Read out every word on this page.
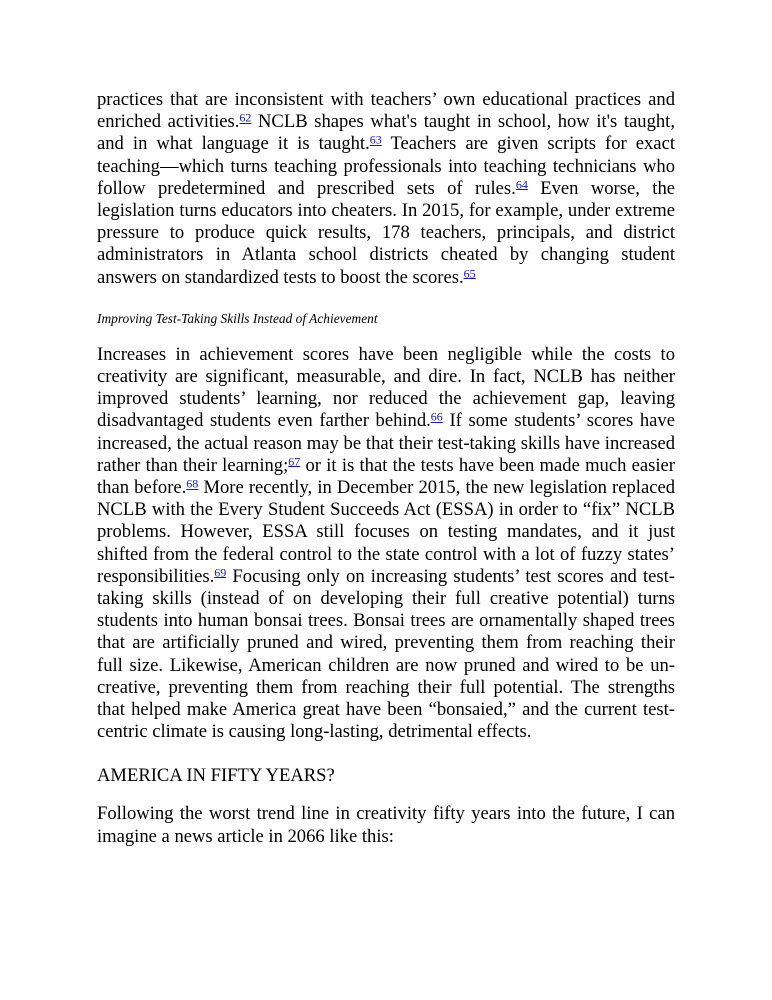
practices that are inconsistent with teachers’ own educational practices and enriched activities.$^{62}$ NCLB shapes what's taught in school, how it's taught, and in what language it is taught.$^{63}$ Teachers are given scripts for exact teaching—which turns teaching professionals into teaching technicians who follow predetermined and prescribed sets of rules.$^{64}$ Even worse, the legislation turns educators into cheaters. In 2015, for example, under extreme pressure to produce quick results, 178 teachers, principals, and district administrators in Atlanta school districts cheated by changing student answers on standardized tests to boost the scores.$^{65}$

Improving Test-Taking Skills Instead of Achievement

Increases in achievement scores have been negligible while the costs to creativity are significant, measurable, and dire. In fact, NCLB has neither improved students’ learning, nor reduced the achievement gap, leaving disadvantaged students even farther behind.$^{66}$ If some students’ scores have increased, the actual reason may be that their test-taking skills have increased rather than their learning;$^{67}$ or it is that the tests have been made much easier than before.$^{68}$ More recently, in December 2015, the new legislation replaced NCLB with the Every Student Succeeds Act (ESSA) in order to “fix” NCLB problems. However, ESSA still focuses on testing mandates, and it just shifted from the federal control to the state control with a lot of fuzzy states’ responsibilities.$^{69}$ Focusing only on increasing students’ test scores and test-taking skills (instead of on developing their full creative potential) turns students into human bonsai trees. Bonsai trees are ornamentally shaped trees that are artificially pruned and wired, preventing them from reaching their full size. Likewise, American children are now pruned and wired to be un-creative, preventing them from reaching their full potential. The strengths that helped make America great have been “bonsaied,” and the current test-centric climate is causing long-lasting, detrimental effects.

AMERICA IN FIFTY YEARS?

Following the worst trend line in creativity fifty years into the future, I can imagine a news article in 2066 like this:
